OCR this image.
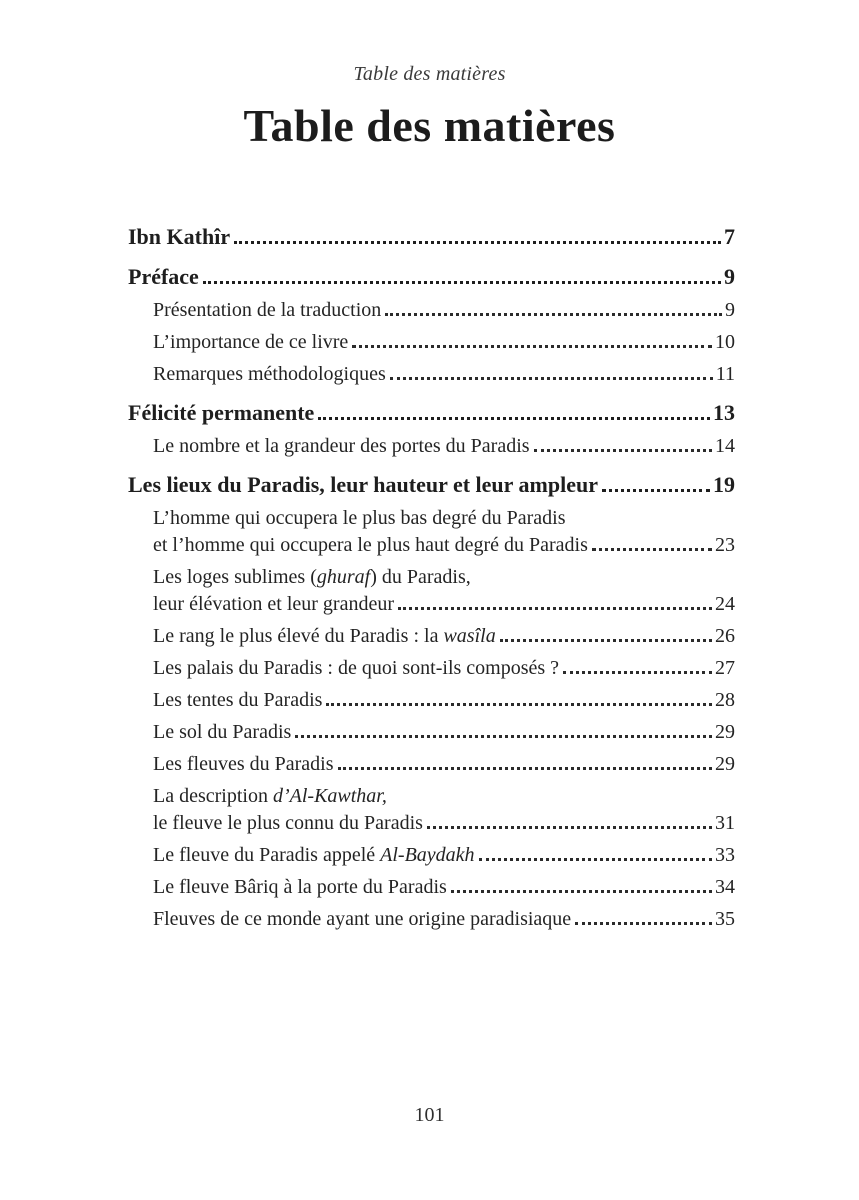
Table des matières
Table des matières
Ibn Kathîr	7
Préface	9
Présentation de la traduction	9
L’importance de ce livre	10
Remarques méthodologiques	11
Félicité permanente	13
Le nombre et la grandeur des portes du Paradis	14
Les lieux du Paradis, leur hauteur et leur ampleur	19
L’homme qui occupera le plus bas degré du Paradis
et l’homme qui occupera le plus haut degré du Paradis	23
Les loges sublimes (ghuraf) du Paradis,
leur élévation et leur grandeur	24
Le rang le plus élevé du Paradis : la wasîla	26
Les palais du Paradis : de quoi sont-ils composés ?	27
Les tentes du Paradis	28
Le sol du Paradis	29
Les fleuves du Paradis	29
La description d’Al-Kawthar,
le fleuve le plus connu du Paradis	31
Le fleuve du Paradis appelé Al-Baydakh	33
Le fleuve Bâriq à la porte du Paradis	34
Fleuves de ce monde ayant une origine paradisiaque	35
101
